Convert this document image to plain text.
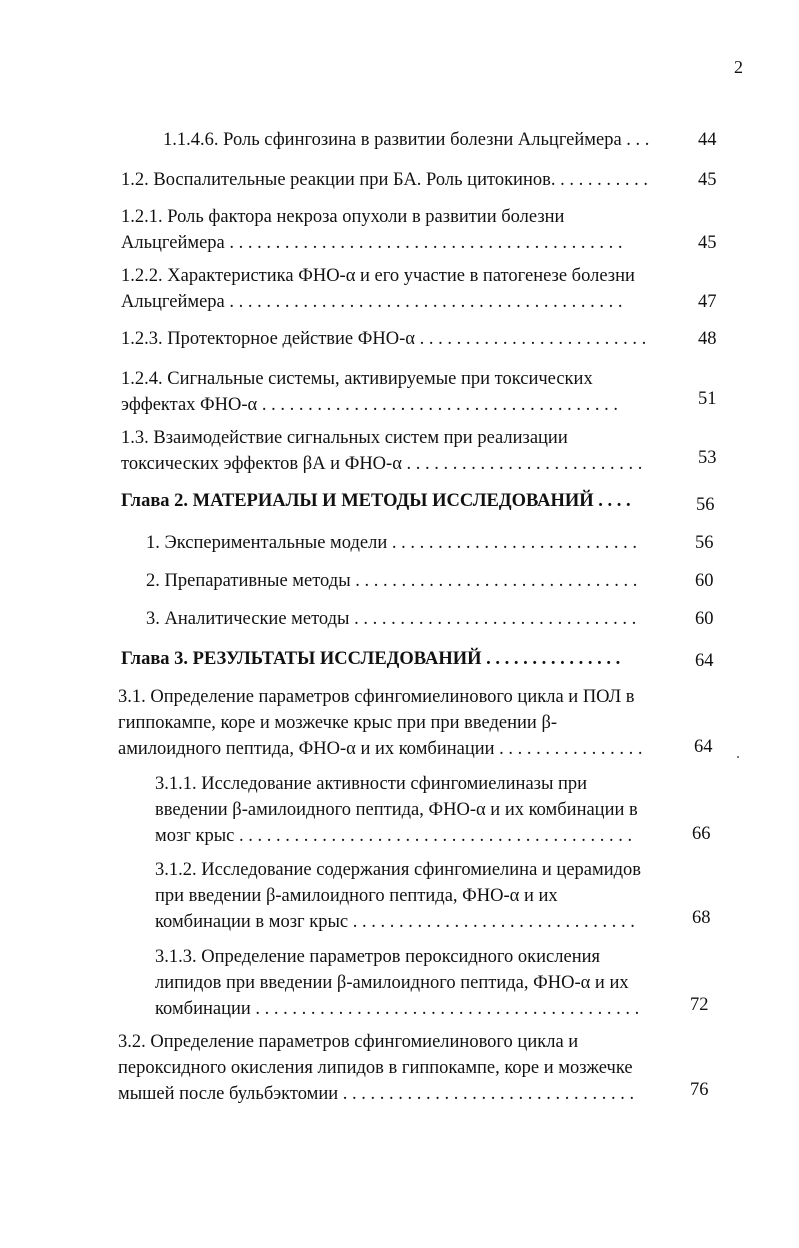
2
1.1.4.6. Роль сфингозина в развитии болезни Альцгеймера . . .	44
1.2. Воспалительные реакции при БА. Роль цитокинов. . . . . . . . . . .	45
1.2.1. Роль фактора некроза опухоли в развитии болезни
Альцгеймера . . . . . . . . . . . . . . . . . . . . . . . . . . . . . . . . . . . . . . . . . . .	45
1.2.2. Характеристика ФНО-α и его участие в патогенезе болезни
Альцгеймера . . . . . . . . . . . . . . . . . . . . . . . . . . . . . . . . . . . . . . . . . . .	47
1.2.3. Протекторное действие ФНО-α . . . . . . . . . . . . . . . . . . . . . . . . .	48
1.2.4. Сигнальные системы, активируемые при токсических
эффектах ФНО-α . . . . . . . . . . . . . . . . . . . . . . . . . . . . . . . . . . . . . . .	51
1.3. Взаимодействие сигнальных систем при реализации
токсических эффектов βА и ФНО-α . . . . . . . . . . . . . . . . . . . . . . . . . .	53
Глава 2. МАТЕРИАЛЫ И МЕТОДЫ ИССЛЕДОВАНИЙ . . . .	56
1. Экспериментальные модели . . . . . . . . . . . . . . . . . . . . . . . . . . .	56
2. Препаративные методы . . . . . . . . . . . . . . . . . . . . . . . . . . . . . . .	60
3. Аналитические методы . . . . . . . . . . . . . . . . . . . . . . . . . . . . . . .	60
Глава 3. РЕЗУЛЬТАТЫ ИССЛЕДОВАНИЙ . . . . . . . . . . . . . . .	64
3.1. Определение параметров сфингомиелинового цикла и ПОЛ в
гиппокампе, коре и мозжечке крыс при при введении β-
амилоидного пептида, ФНО-α и их комбинации . . . . . . . . . . . . . . . .	64
3.1.1. Исследование активности сфингомиелиназы при
введении β-амилоидного пептида, ФНО-α и их комбинации в
мозг крыс . . . . . . . . . . . . . . . . . . . . . . . . . . . . . . . . . . . . . . . . . . .	66
3.1.2. Исследование содержания сфингомиелина и церамидов
при введении β-амилоидного пептида, ФНО-α и их
комбинации в мозг крыс . . . . . . . . . . . . . . . . . . . . . . . . . . . . . . .	68
3.1.3. Определение параметров пероксидного окисления
липидов при введении β-амилоидного пептида, ФНО-α и их
комбинации . . . . . . . . . . . . . . . . . . . . . . . . . . . . . . . . . . . . . . . . . .	72
3.2. Определение параметров сфингомиелинового цикла и
пероксидного окисления липидов в гиппокампе, коре и мозжечке
мышей после бульбэктомии . . . . . . . . . . . . . . . . . . . . . . . . . . . . . . . .	76
